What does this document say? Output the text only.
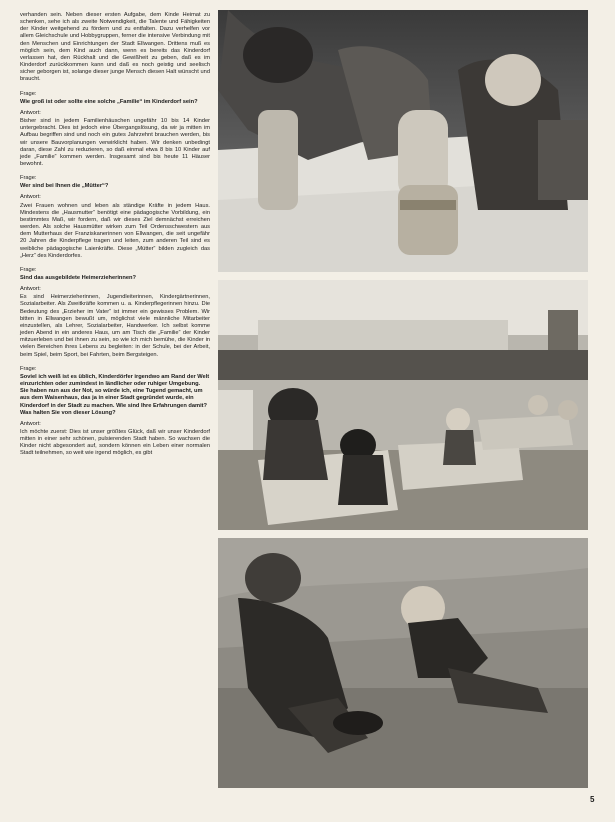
verhanden sein. Neben dieser ersten Aufgabe, dem Kinde Heimat zu schenken, sehe ich als zweite Notwendigkeit, die Talente und Fähigkeiten der Kinder weitgehend zu fördern und zu entfalten. Dazu verhelfen vor allem Gleichschule und Hobbygruppen, ferner die intensive Verbindung mit den Menschen und Einrichtungen der Stadt Ellwangen. Drittens muß es möglich sein, dem Kind auch dann, wenn es bereits das Kinderdorf verlassen hat, den Rückhalt und die Gewißheit zu geben, daß es im Kinderdorf zurückkommen kann und daß es noch geistig und seelisch sicher geborgen ist, solange dieser junge Mensch diesen Halt wünscht und braucht.

Frage:
Wie groß ist oder sollte eine solche „Familie“ im Kinderdorf sein?
Antwort:

Bisher sind in jedem Familienhäuschen ungefähr 10 bis 14 Kinder untergebracht. Dies ist jedoch eine Übergangslösung, da wir ja mitten im Aufbau begriffen sind und noch ein gutes Jahrzehnt brauchen werden, bis wir unsere Bauvorplanungen verwirklicht haben. Wir denken unbedingt daran, diese Zahl zu reduzieren, so daß einmal etwa 8 bis 10 Kinder auf jede „Familie“ kommen werden. Insgesamt sind bis heute 11 Häuser bewohnt.

Frage:
Wer sind bei Ihnen die „Mütter“?
Antwort:

Zwei Frauen wohnen und leben als ständige Kräfte in jedem Haus. Mindestens die „Hausmutter“ benötigt eine pädagogische Vorbildung, ein bestimmtes Maß, wir fordern, daß wir dieses Ziel demnächst erreichen werden. Als solche Hausmütter wirken zum Teil Ordensschwestern aus dem Mutterhaus der Franziskanerinnen von Ellwangen, die seit ungefähr 20 Jahren die Kinderpflege tragen und leiten, zum anderen Teil sind es weibliche pädagogische Laienkräfte. Diese „Mütter“ bilden zugleich das „Herz“ des Kinderdorfes.

Frage:
Sind das ausgebildete Heimerzieherinnen?
Antwort:

Es sind Heimerzieherinnen, Jugendleiterinnen, Kindergärtnerinnen, Sozialarbeiter. Als Zweitkräfte kommen u. a. Kinderpflegerinnen hinzu. Die Bedeutung des „Erzieher im Vater“ ist immer ein gewisses Problem. Wir bitten in Ellwangen bewußt um, möglichst viele männliche Mitarbeiter einzustellen, als Lehrer, Sozialarbeiter, Handwerker. Ich selbst komme jeden Abend in ein anderes Haus, um am Tisch die „Familie“ der Kinder mitzuerleben und bei ihnen zu sein, so wie ich mich bemühe, die Kinder in vielen Bereichen ihres Lebens zu begleiten: in der Schule, bei der Arbeit, beim Spiel, beim Sport, bei Fahrten, beim Bergsteigen.

Frage:
Soviel ich weiß ist es üblich, Kinderdörfer irgendwo am Rand der Welt einzurichten oder zumindest in ländlicher oder ruhiger Umgebung. Sie haben nun aus der Not, so würde ich, eine Tugend gemacht, um aus dem Waisenhaus, das ja in einer Stadt gegründet wurde, ein Kinderdorf in der Stadt zu machen. Wie sind Ihre Erfahrungen damit? Was halten Sie von dieser Lösung?
Antwort:

Ich möchte zuerst: Dies ist unser größtes Glück, daß wir unser Kinderdorf mitten in einer sehr schönen, pulsierenden Stadt haben. So wachsen die Kinder nicht abgesondert auf, sondern können ein Leben einer normalen Stadt teilnehmen, so weit wie irgend möglich, es gibt

5
